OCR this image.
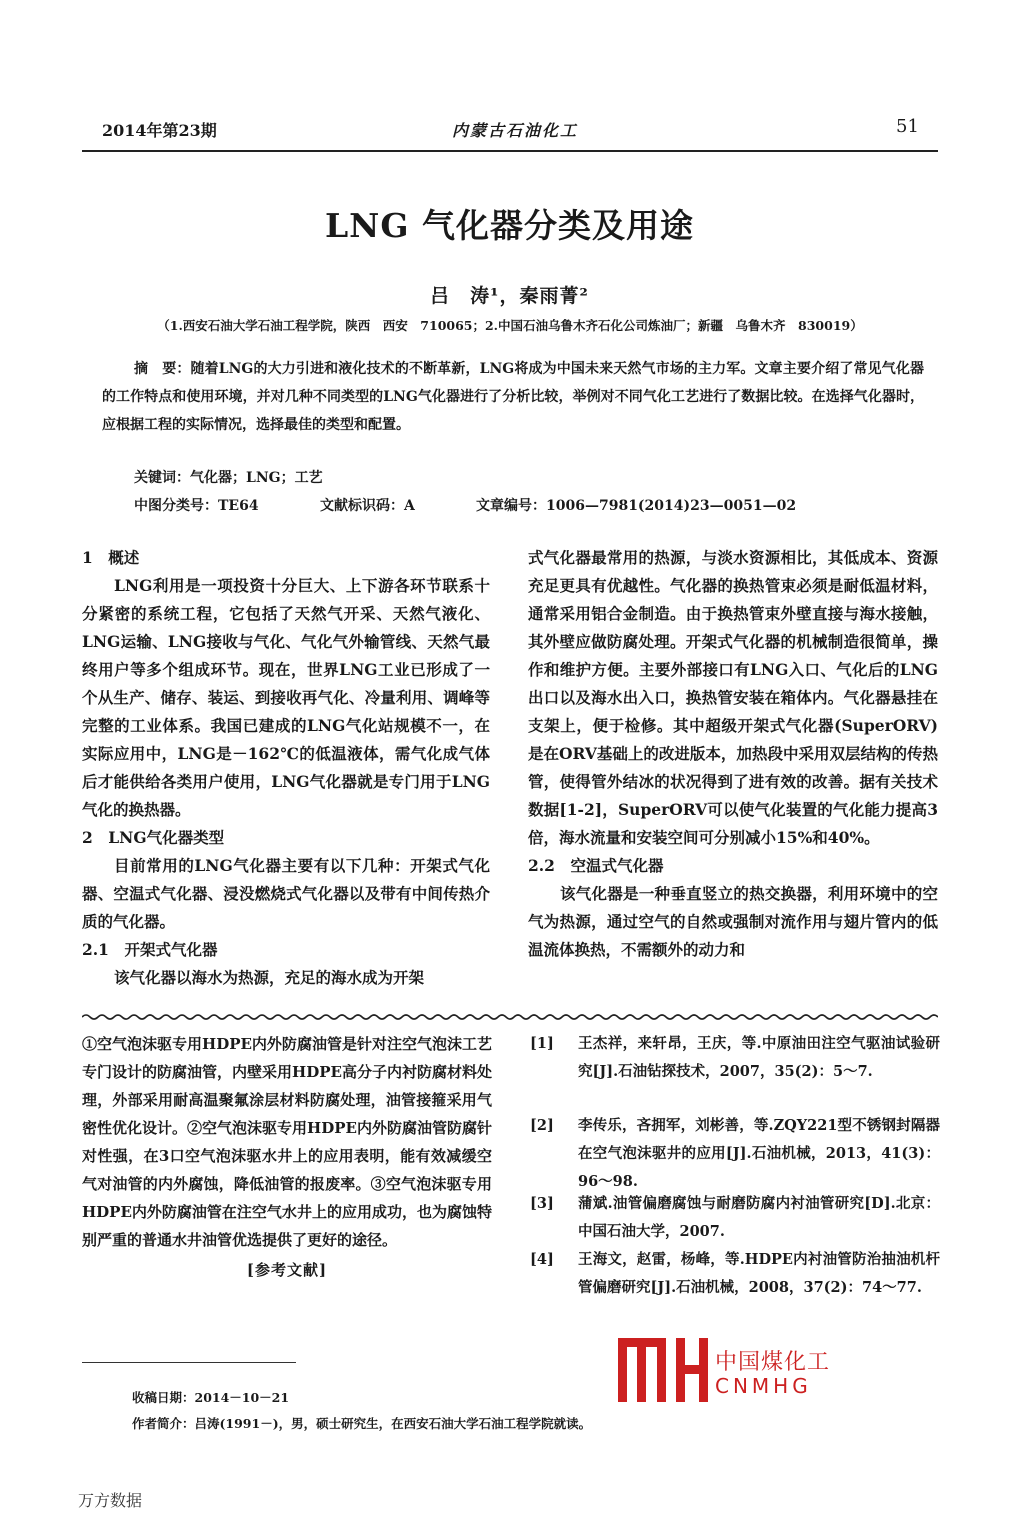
2014年第23期	内蒙古石油化工	51
LNG 气化器分类及用途
吕　涛¹，秦雨菁²
（1.西安石油大学石油工程学院，陕西　西安　710065；2.中国石油乌鲁木齐石化公司炼油厂；新疆　乌鲁木齐　830019）
摘　要：随着LNG的大力引进和液化技术的不断革新，LNG将成为中国未来天然气市场的主力军。文章主要介绍了常见气化器的工作特点和使用环境，并对几种不同类型的LNG气化器进行了分析比较，举例对不同气化工艺进行了数据比较。在选择气化器时，应根据工程的实际情况，选择最佳的类型和配置。
关键词：气化器；LNG；工艺
中图分类号：TE64	文献标识码：A	文章编号：1006—7981(2014)23—0051—02

1　概述

LNG利用是一项投资十分巨大、上下游各环节联系十分紧密的系统工程，它包括了天然气开采、天然气液化、LNG运输、LNG接收与气化、气化气外输管线、天然气最终用户等多个组成环节。现在，世界LNG工业已形成了一个从生产、储存、装运、到接收再气化、冷量利用、调峰等完整的工业体系。我国已建成的LNG气化站规模不一，在实际应用中，LNG是－162℃的低温液体，需气化成气体后才能供给各类用户使用，LNG气化器就是专门用于LNG气化的换热器。

2　LNG气化器类型

目前常用的LNG气化器主要有以下几种：开架式气化器、空温式气化器、浸没燃烧式气化器以及带有中间传热介质的气化器。

2.1　开架式气化器

该气化器以海水为热源，充足的海水成为开架

式气化器最常用的热源，与淡水资源相比，其低成本、资源充足更具有优越性。气化器的换热管束必须是耐低温材料，通常采用铝合金制造。由于换热管束外壁直接与海水接触，其外壁应做防腐处理。开架式气化器的机械制造很简单，操作和维护方便。主要外部接口有LNG入口、气化后的LNG出口以及海水出入口，换热管安装在箱体内。气化器悬挂在支架上，便于检修。其中超级开架式气化器(SuperORV)是在ORV基础上的改进版本，加热段中采用双层结构的传热管，使得管外结冰的状况得到了进有效的改善。据有关技术数据[1-2]，SuperORV可以使气化装置的气化能力提高3倍，海水流量和安装空间可分别减小15%和40%。

2.2　空温式气化器

该气化器是一种垂直竖立的热交换器，利用环境中的空气为热源，通过空气的自然或强制对流作用与翅片管内的低温流体换热，不需额外的动力和

①空气泡沫驱专用HDPE内外防腐油管是针对注空气泡沫工艺专门设计的防腐油管，内壁采用HDPE高分子内衬防腐材料处理，外部采用耐高温聚氟涂层材料防腐处理，油管接箍采用气密性优化设计。②空气泡沫驱专用HDPE内外防腐油管防腐针对性强，在3口空气泡沫驱水井上的应用表明，能有效减缓空气对油管的内外腐蚀，降低油管的报废率。③空气泡沫驱专用HDPE内外防腐油管在注空气水井上的应用成功，也为腐蚀特别严重的普通水井油管优选提供了更好的途径。

[参考文献]

[1] 王杰祥，来轩昂，王庆，等.中原油田注空气驱油试验研究[J].石油钻探技术，2007，35(2)：5～7.
[2] 李传乐，吝拥军，刘彬善，等.ZQY221型不锈钢封隔器在空气泡沫驱井的应用[J].石油机械，2013，41(3)：96～98.
[3] 蒲斌.油管偏磨腐蚀与耐磨防腐内衬油管研究[D].北京：中国石油大学，2007.
[4] 王海文，赵雷，杨峰，等.HDPE内衬油管防治抽油机杆管偏磨研究[J].石油机械，2008，37(2)：74～77.
中国煤化工
CNMHG
收稿日期：2014－10－21
作者简介：吕涛(1991－)，男，硕士研究生，在西安石油大学石油工程学院就读。
万方数据
